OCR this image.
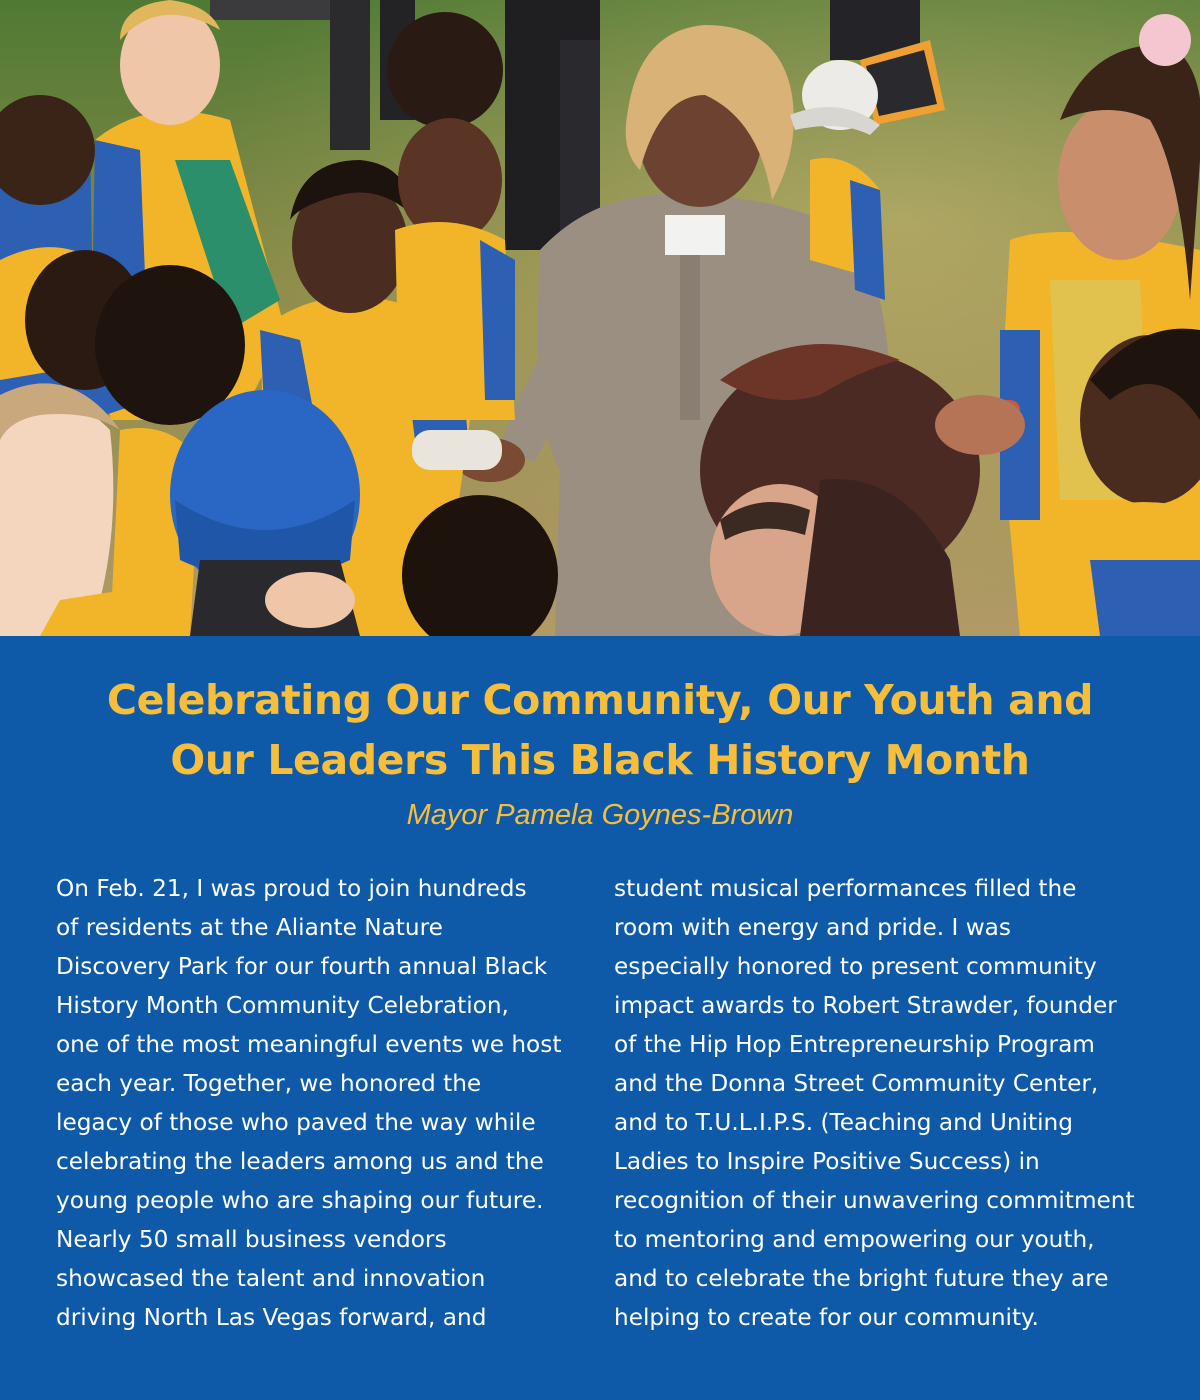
Celebrating Our Community, Our Youth and
Our Leaders This Black History Month

Mayor Pamela Goynes-Brown

On Feb. 21, I was proud to join hundreds
of residents at the Aliante Nature
Discovery Park for our fourth annual Black
History Month Community Celebration,
one of the most meaningful events we host
each year. Together, we honored the
legacy of those who paved the way while
celebrating the leaders among us and the
young people who are shaping our future.
Nearly 50 small business vendors
showcased the talent and innovation
driving North Las Vegas forward, and

student musical performances filled the
room with energy and pride. I was
especially honored to present community
impact awards to Robert Strawder, founder
of the Hip Hop Entrepreneurship Program
and the Donna Street Community Center,
and to T.U.L.I.P.S. (Teaching and Uniting
Ladies to Inspire Positive Success) in
recognition of their unwavering commitment
to mentoring and empowering our youth,
and to celebrate the bright future they are
helping to create for our community.
